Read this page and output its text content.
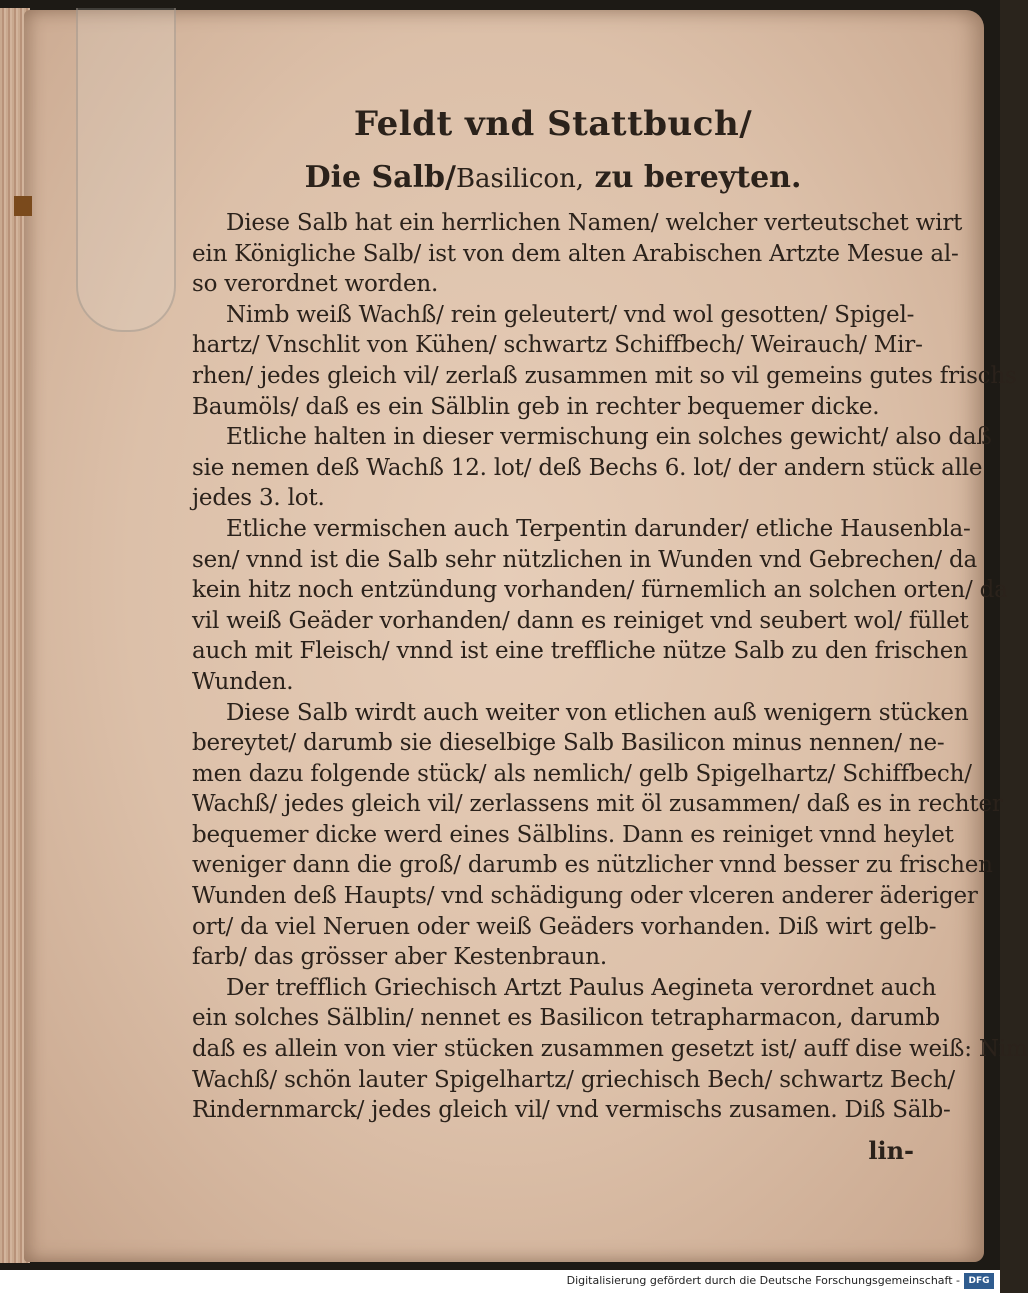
Feldt vnd Stattbuch/
Die Salb/Basilicon, zu bereyten.
Diese Salb hat ein herrlichen Namen/ welcher verteutschet wirt
ein Königliche Salb/ ist von dem alten Arabischen Artzte Mesue al-
so verordnet worden.
Nimb weiß Wachß/ rein geleutert/ vnd wol gesotten/ Spigel-
hartz/ Vnschlit von Kühen/ schwartz Schiffbech/ Weirauch/ Mir-
rhen/ jedes gleich vil/ zerlaß zusammen mit so vil gemeins gutes frischs
Baumöls/ daß es ein Sälblin geb in rechter bequemer dicke.
Etliche halten in dieser vermischung ein solches gewicht/ also daß
sie nemen deß Wachß 12. lot/ deß Bechs 6. lot/ der andern stück alle
jedes 3. lot.
Etliche vermischen auch Terpentin darunder/ etliche Hausenbla-
sen/ vnnd ist die Salb sehr nützlichen in Wunden vnd Gebrechen/ da
kein hitz noch entzündung vorhanden/ fürnemlich an solchen orten/ da
vil weiß Geäder vorhanden/ dann es reiniget vnd seubert wol/ füllet
auch mit Fleisch/ vnnd ist eine treffliche nütze Salb zu den frischen
Wunden.
Diese Salb wirdt auch weiter von etlichen auß wenigern stücken
bereytet/ darumb sie dieselbige Salb Basilicon minus nennen/ ne-
men dazu folgende stück/ als nemlich/ gelb Spigelhartz/ Schiffbech/
Wachß/ jedes gleich vil/ zerlassens mit öl zusammen/ daß es in rechter
bequemer dicke werd eines Sälblins. Dann es reiniget vnnd heylet
weniger dann die groß/ darumb es nützlicher vnnd besser zu frischen
Wunden deß Haupts/ vnd schädigung oder vlceren anderer äderiger
ort/ da viel Neruen oder weiß Geäders vorhanden. Diß wirt gelb-
farb/ das grösser aber Kestenbraun.
Der trefflich Griechisch Artzt Paulus Aegineta verordnet auch
ein solches Sälblin/ nennet es Basilicon tetrapharmacon, darumb
daß es allein von vier stücken zusammen gesetzt ist/ auff dise weiß: Nim
Wachß/ schön lauter Spigelhartz/ griechisch Bech/ schwartz Bech/
Rindernmarck/ jedes gleich vil/ vnd vermischs zusamen. Diß Sälb-
lin-
Digitalisierung gefördert durch die Deutsche Forschungsgemeinschaft - DFG
